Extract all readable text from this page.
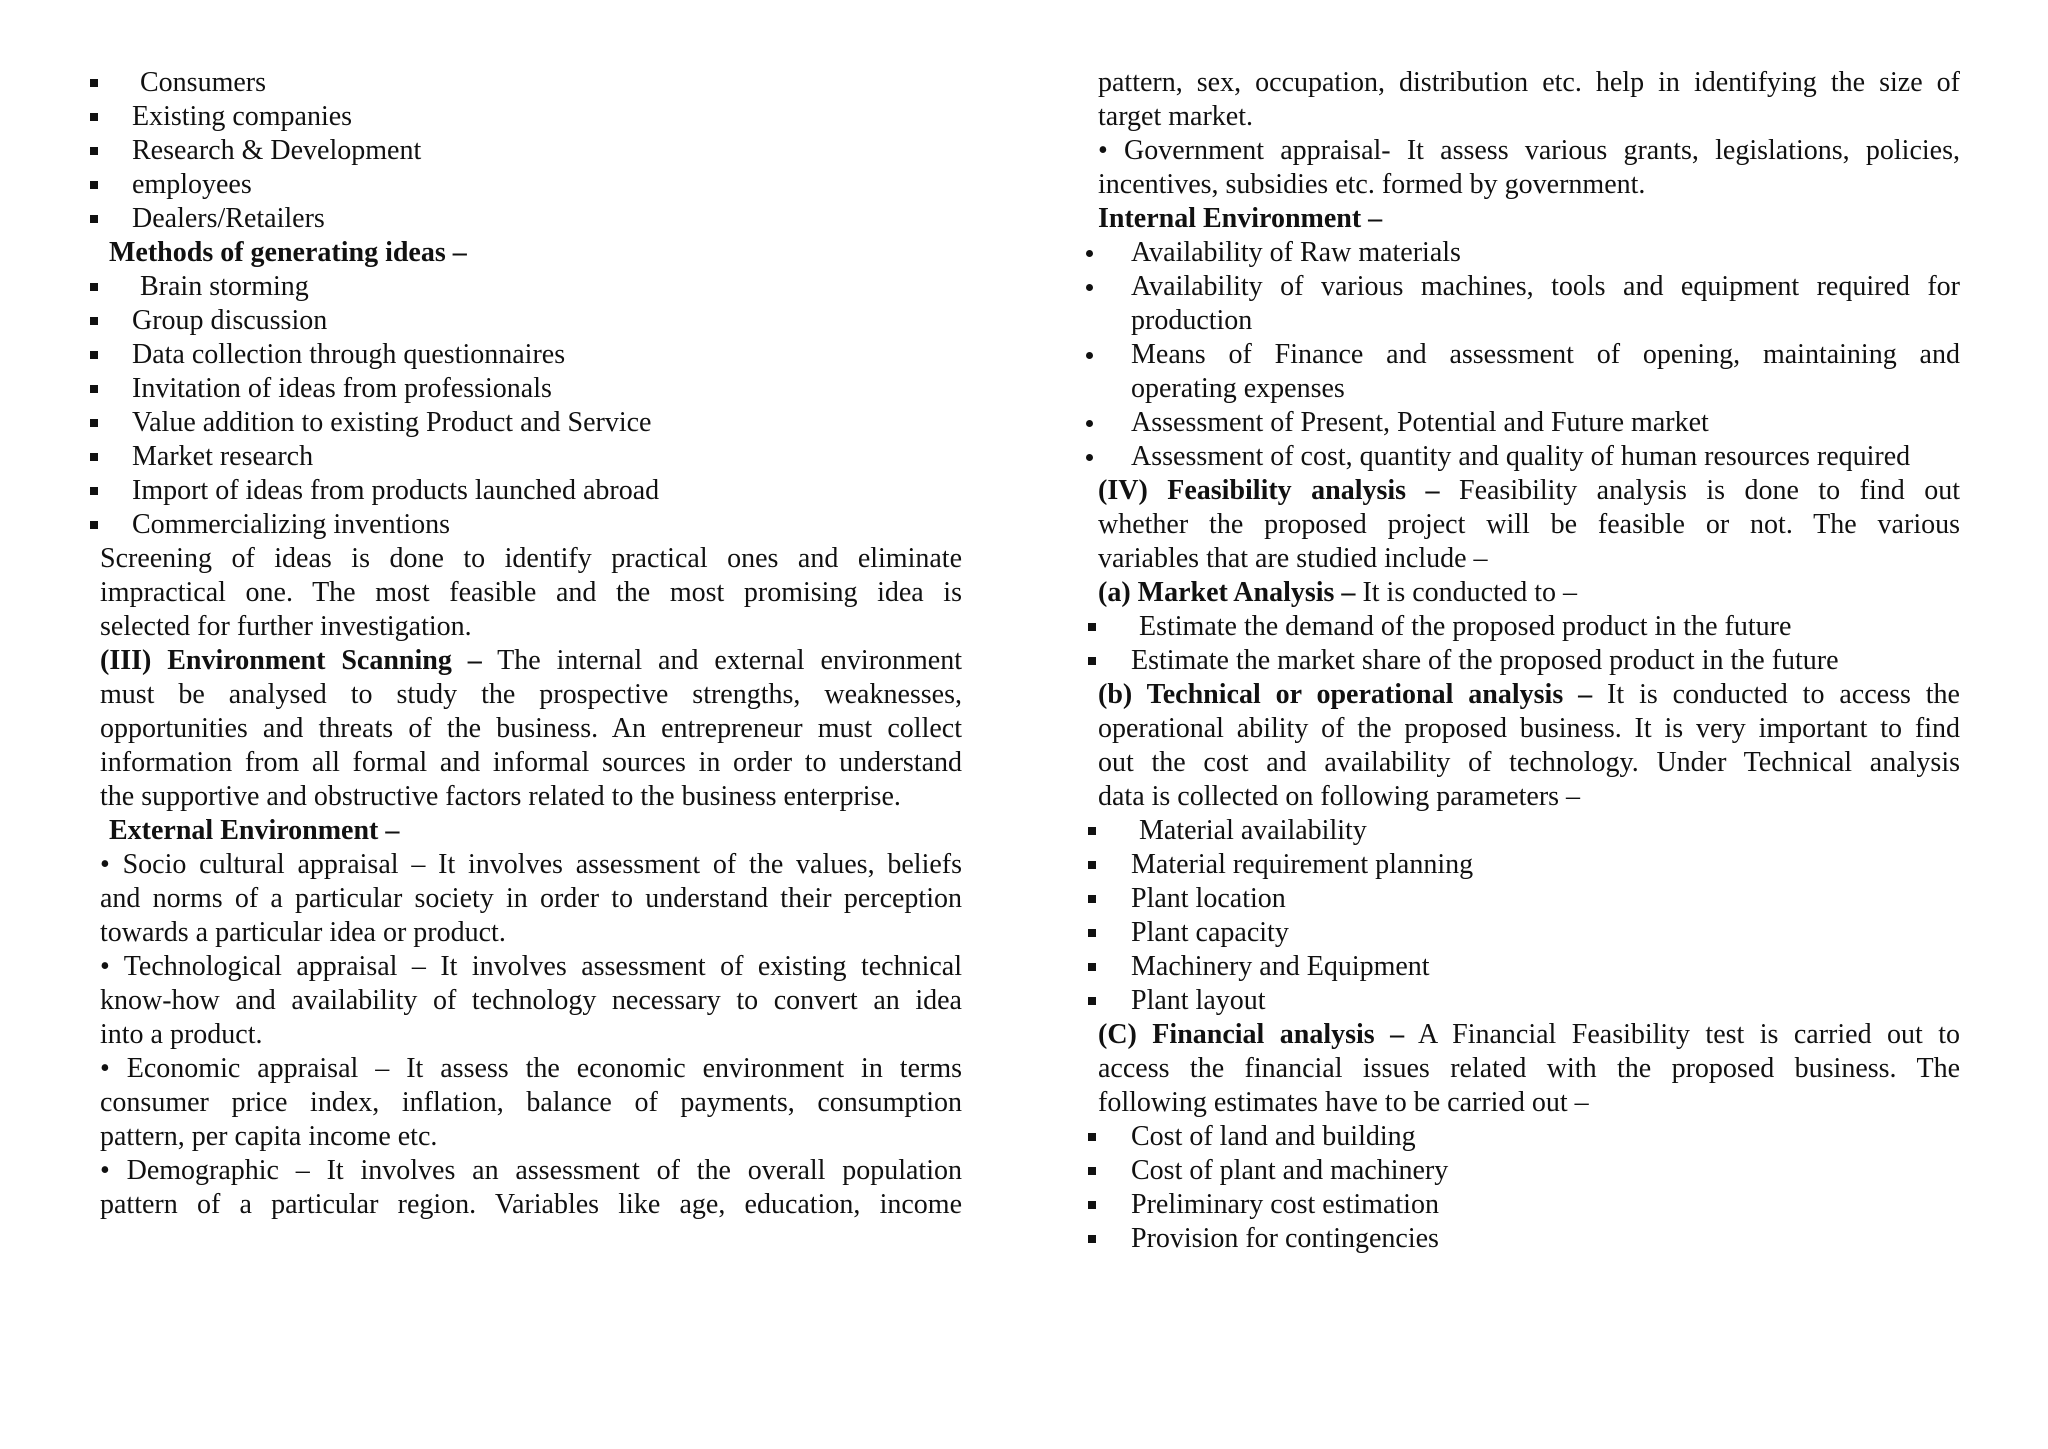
Consumers
Existing companies
Research & Development
employees
Dealers/Retailers
Methods of generating ideas –
Brain storming
Group discussion
Data collection through questionnaires
Invitation of ideas from professionals
Value addition to existing Product and Service
Market research
Import of ideas from products launched abroad
Commercializing inventions
Screening of ideas is done to identify practical ones and eliminate
impractical one. The most feasible and the most promising idea is
selected for further investigation.
(III) Environment Scanning – The internal and external environment
must be analysed to study the prospective strengths, weaknesses,
opportunities and threats of the business. An entrepreneur must collect
information from all formal and informal sources in order to understand
the supportive and obstructive factors related to the business enterprise.
External Environment –
• Socio cultural appraisal – It involves assessment of the values, beliefs
and norms of a particular society in order to understand their perception
towards a particular idea or product.
• Technological appraisal – It involves assessment of existing technical
know-how and availability of technology necessary to convert an idea
into a product.
• Economic appraisal – It assess the economic environment in terms
consumer price index, inflation, balance of payments, consumption
pattern, per capita income etc.
• Demographic – It involves an assessment of the overall population
pattern of a particular region. Variables like age, education, income
pattern, sex, occupation, distribution etc. help in identifying the size of
target market.
• Government appraisal- It assess various grants, legislations, policies,
incentives, subsidies etc. formed by government.
Internal Environment –
Availability of Raw materials
Availability of various machines, tools and equipment required for
production
Means of Finance and assessment of opening, maintaining and
operating expenses
Assessment of Present, Potential and Future market
Assessment of cost, quantity and quality of human resources required
(IV) Feasibility analysis – Feasibility analysis is done to find out
whether the proposed project will be feasible or not. The various
variables that are studied include –
(a) Market Analysis – It is conducted to –
Estimate the demand of the proposed product in the future
Estimate the market share of the proposed product in the future
(b) Technical or operational analysis – It is conducted to access the
operational ability of the proposed business. It is very important to find
out the cost and availability of technology. Under Technical analysis
data is collected on following parameters –
Material availability
Material requirement planning
Plant location
Plant capacity
Machinery and Equipment
Plant layout
(C) Financial analysis – A Financial Feasibility test is carried out to
access the financial issues related with the proposed business. The
following estimates have to be carried out –
Cost of land and building
Cost of plant and machinery
Preliminary cost estimation
Provision for contingencies
